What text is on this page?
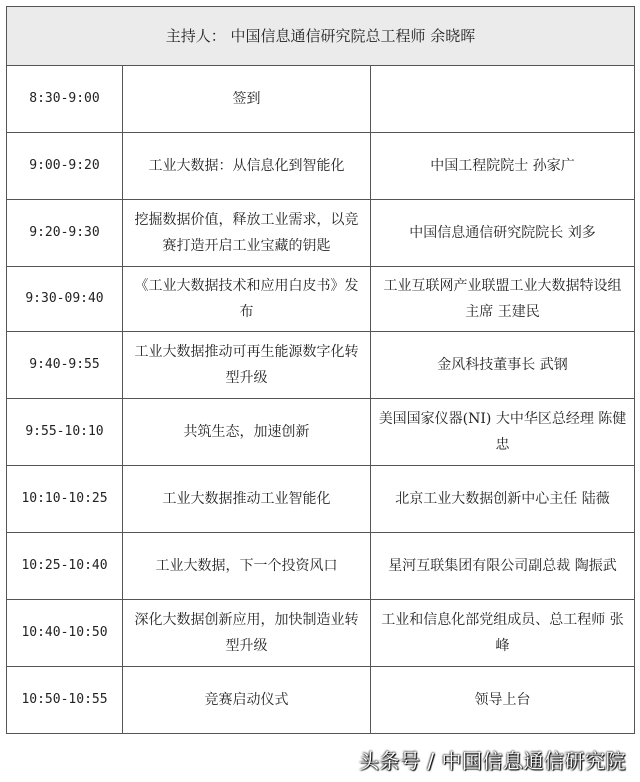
主持人： 中国信息通信研究院总工程师 余晓晖		
8:30-9:00	签到	
9:00-9:20	工业大数据：从信息化到智能化	中国工程院院士 孙家广
9:20-9:30	挖掘数据价值，释放工业需求，以竞赛打造开启工业宝藏的钥匙	中国信息通信研究院院长 刘多
9:30-09:40	《工业大数据技术和应用白皮书》发布	工业互联网产业联盟工业大数据特设组主席 王建民
9:40-9:55	工业大数据推动可再生能源数字化转型升级	金风科技董事长 武钢
9:55-10:10	共筑生态，加速创新	美国国家仪器(NI) 大中华区总经理 陈健忠
10:10-10:25	工业大数据推动工业智能化	北京工业大数据创新中心主任 陆薇
10:25-10:40	工业大数据，下一个投资风口	星河互联集团有限公司副总裁 陶振武
10:40-10:50	深化大数据创新应用，加快制造业转型升级	工业和信息化部党组成员、总工程师 张峰
10:50-10:55	竞赛启动仪式	领导上台
头条号 / 中国信息通信研究院
